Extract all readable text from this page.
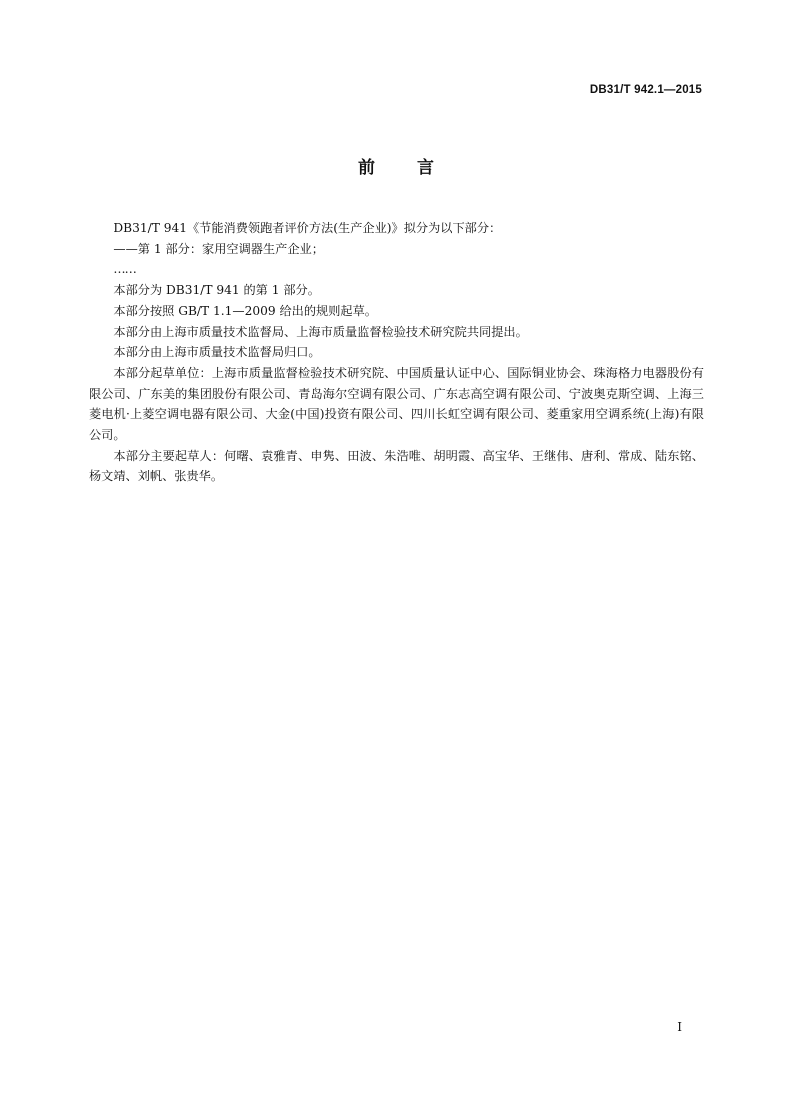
DB31/T 942.1—2015
前 言

DB31/T 941《节能消费领跑者评价方法(生产企业)》拟分为以下部分：

——第 1 部分：家用空调器生产企业；

……

本部分为 DB31/T 941 的第 1 部分。

本部分按照 GB/T 1.1—2009 给出的规则起草。

本部分由上海市质量技术监督局、上海市质量监督检验技术研究院共同提出。

本部分由上海市质量技术监督局归口。

本部分起草单位：上海市质量监督检验技术研究院、中国质量认证中心、国际铜业协会、珠海格力电器股份有限公司、广东美的集团股份有限公司、青岛海尔空调有限公司、广东志高空调有限公司、宁波奥克斯空调、上海三菱电机·上菱空调电器有限公司、大金(中国)投资有限公司、四川长虹空调有限公司、菱重家用空调系统(上海)有限公司。

本部分主要起草人：何曙、袁雅青、申隽、田波、朱浩唯、胡明霞、高宝华、王继伟、唐利、常成、陆东铭、杨文靖、刘帆、张贵华。

I
